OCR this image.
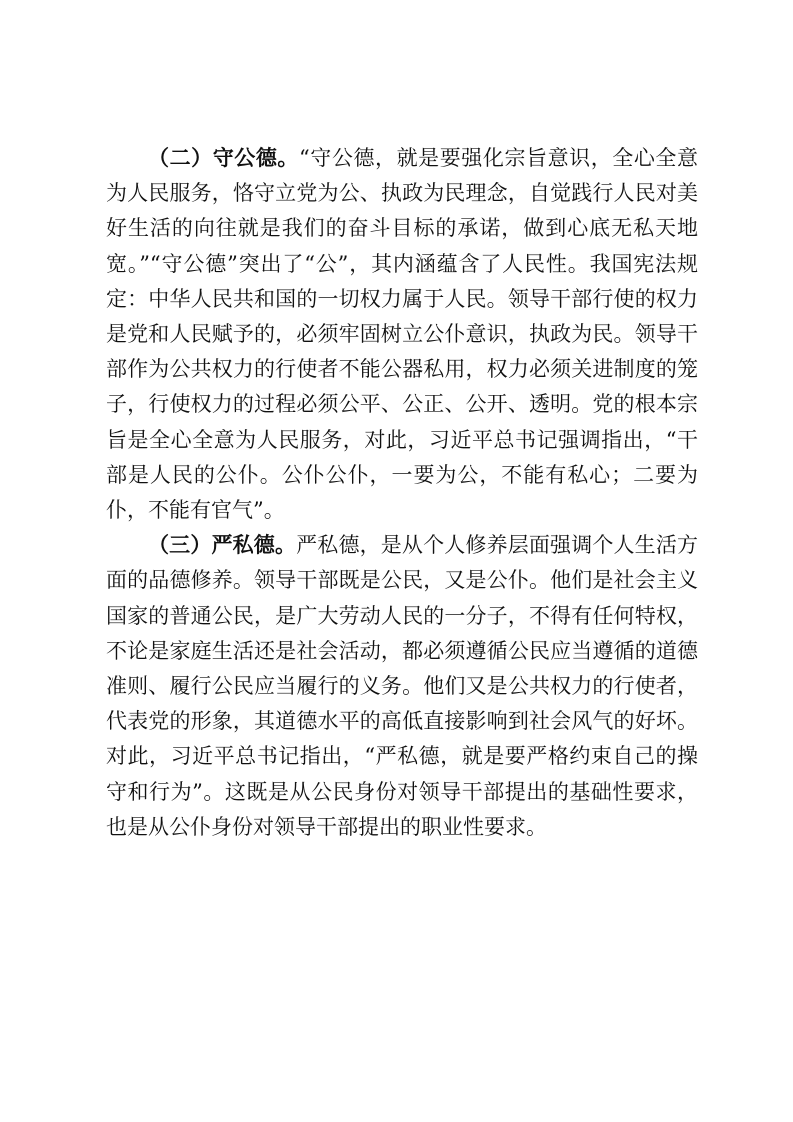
（二）守公德。“守公德，就是要强化宗旨意识，全心全意为人民服务，恪守立党为公、执政为民理念，自觉践行人民对美好生活的向往就是我们的奋斗目标的承诺，做到心底无私天地宽。”“守公德”突出了“公”，其内涵蕴含了人民性。我国宪法规定：中华人民共和国的一切权力属于人民。领导干部行使的权力是党和人民赋予的，必须牢固树立公仆意识，执政为民。领导干部作为公共权力的行使者不能公器私用，权力必须关进制度的笼子，行使权力的过程必须公平、公正、公开、透明。党的根本宗旨是全心全意为人民服务，对此，习近平总书记强调指出，“干部是人民的公仆。公仆公仆，一要为公，不能有私心；二要为仆，不能有官气”。

（三）严私德。严私德，是从个人修养层面强调个人生活方面的品德修养。领导干部既是公民，又是公仆。他们是社会主义国家的普通公民，是广大劳动人民的一分子，不得有任何特权，不论是家庭生活还是社会活动，都必须遵循公民应当遵循的道德准则、履行公民应当履行的义务。他们又是公共权力的行使者，代表党的形象，其道德水平的高低直接影响到社会风气的好坏。对此，习近平总书记指出，“严私德，就是要严格约束自己的操守和行为”。这既是从公民身份对领导干部提出的基础性要求，也是从公仆身份对领导干部提出的职业性要求。
